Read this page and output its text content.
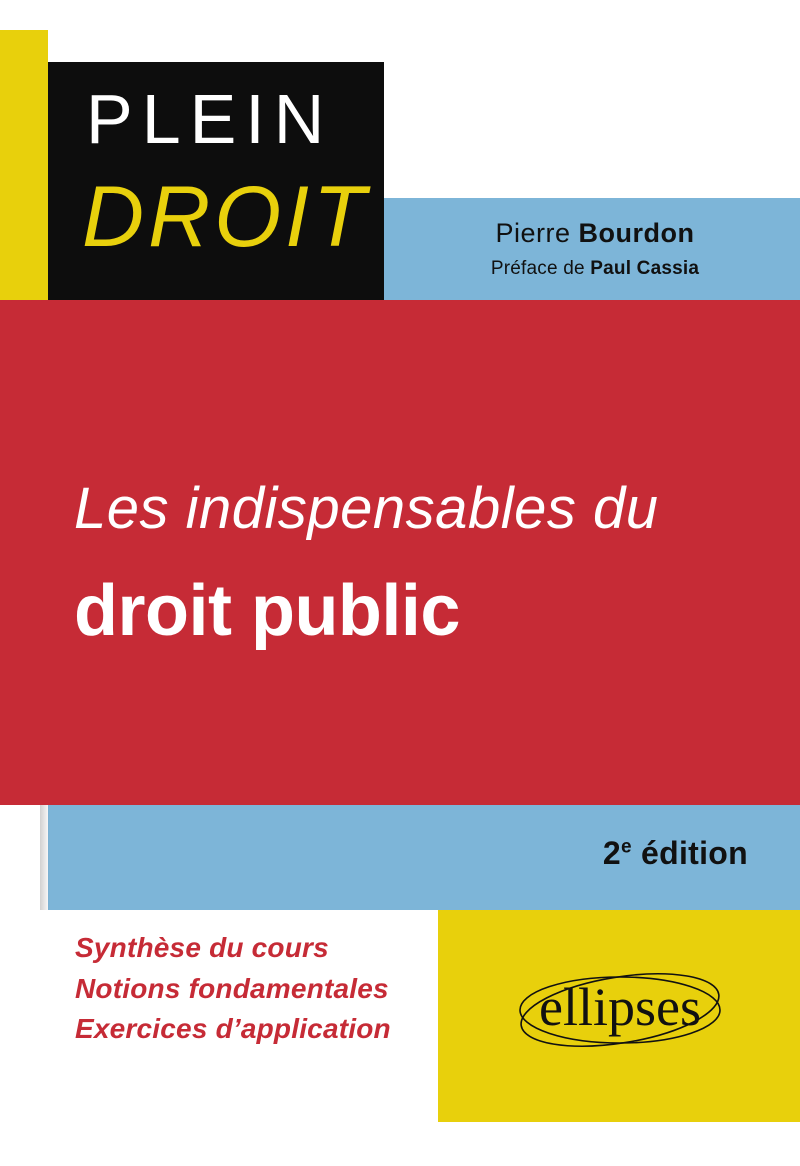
PLEIN
DROIT	Pierre Bourdon
Préface de Paul Cassia
Les indispensables du
droit public
2e édition
Synthèse du cours
Notions fondamentales
Exercices d’application	ellipses
